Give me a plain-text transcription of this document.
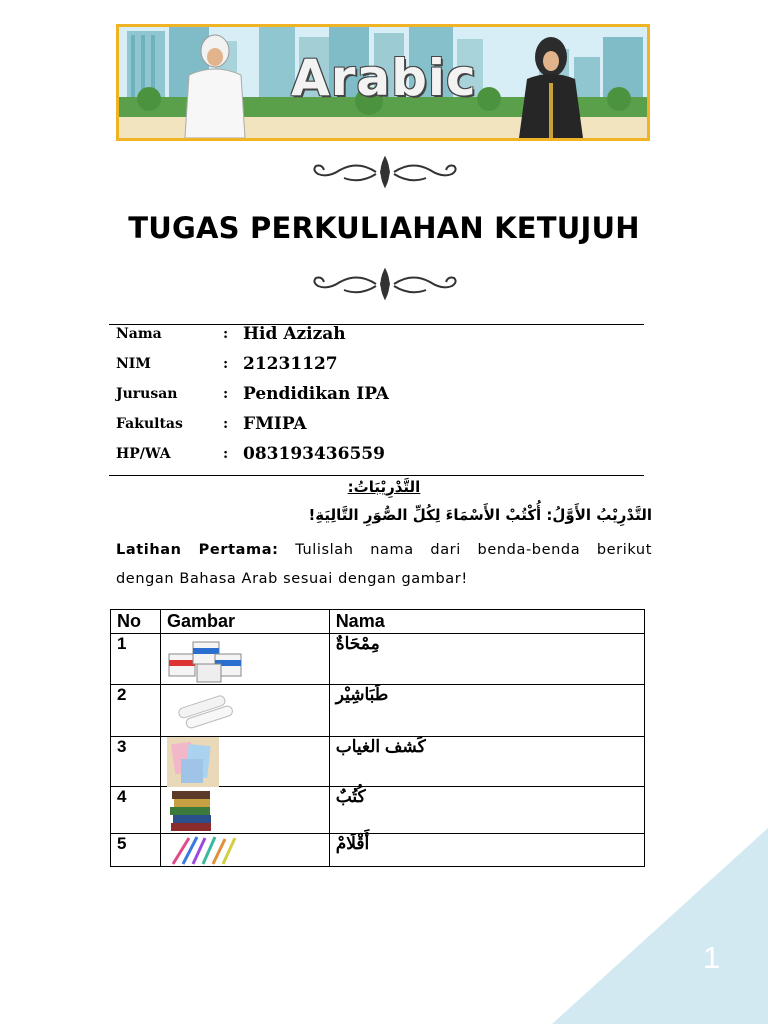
Arabic
TUGAS PERKULIAHAN KETUJUH
Nama	: Hid Azizah
NIM	: 21231127
Jurusan	: Pendidikan IPA
Fakultas	: FMIPA
HP/WA	: 083193436559
التَّدْرِيْبَاتُ:
التَّدْرِيْبُ الأَوَّلُ: أُكْتُبْ الأَسْمَاءَ لِكُلِّ الصُّوَرِ التَّالِيَةِ!
Latihan Pertama: Tulislah nama dari benda-benda berikut
dengan Bahasa Arab sesuai dengan gambar!
No	Gambar	Nama
1		مِمْحَاةٌ
2		طَبَاشِيْر
3		كَشف الغياب
4		كُتُبٌ
5		أَقْلَامْ
1
